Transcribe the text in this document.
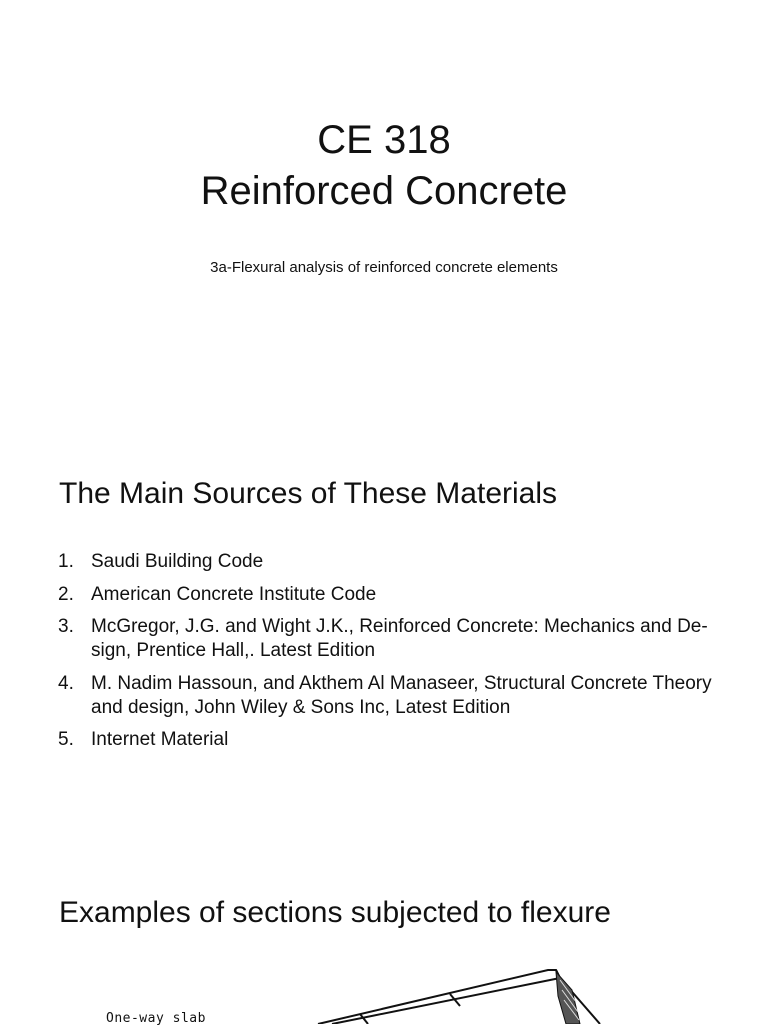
CE 318
Reinforced Concrete
3a-Flexural analysis of reinforced concrete elements
The Main Sources of These Materials
1. Saudi Building Code
2. American Concrete Institute Code
3. McGregor, J.G. and Wight J.K., Reinforced Concrete: Mechanics and De-sign, Prentice Hall,. Latest Edition
4. M. Nadim Hassoun, and Akthem Al Manaseer, Structural Concrete Theory and design, John Wiley & Sons Inc, Latest Edition
5. Internet Material
Examples of sections subjected to flexure
One-way slab
